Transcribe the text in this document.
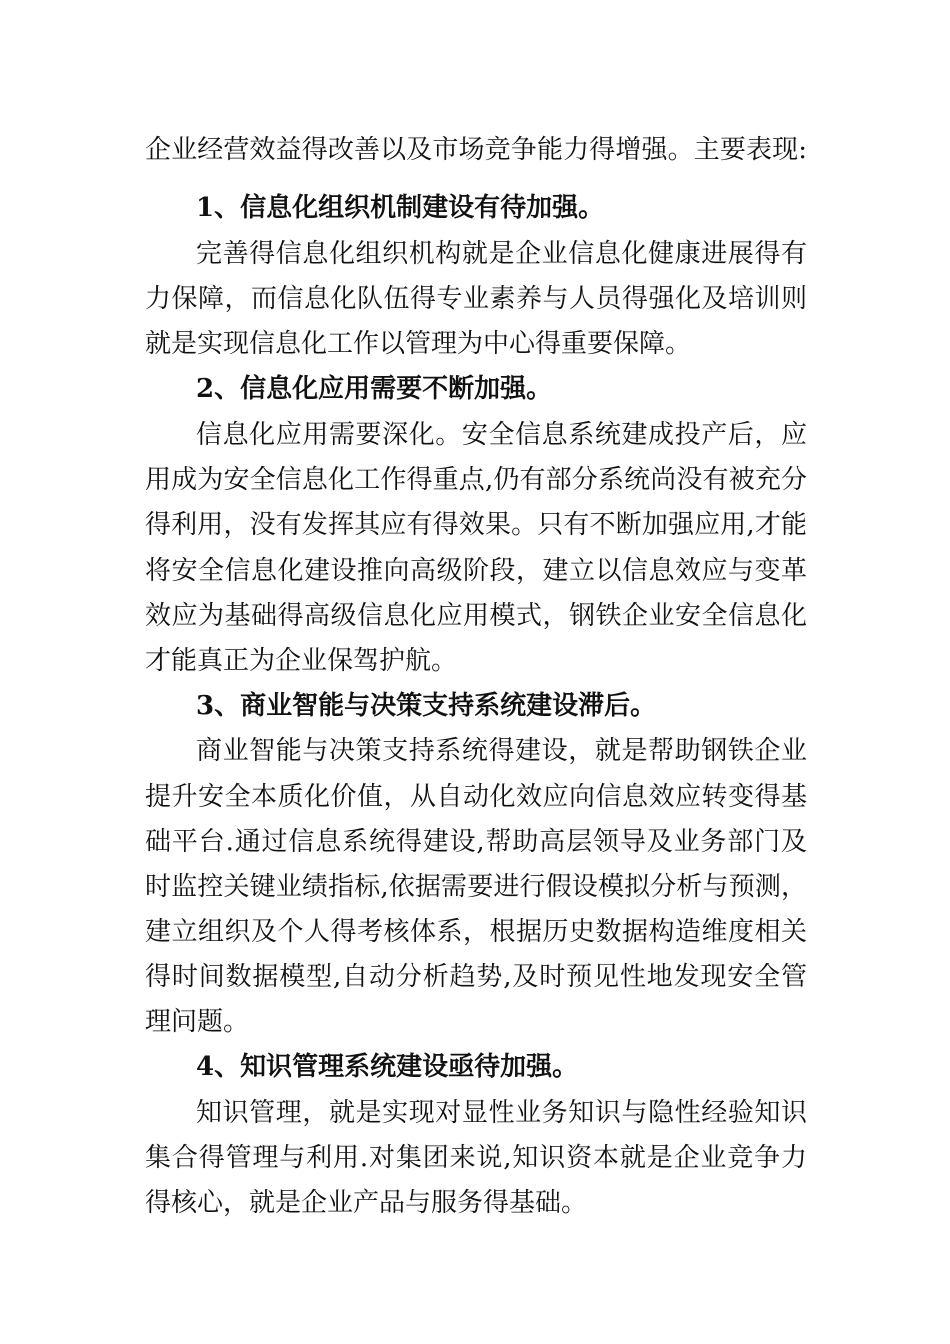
企业经营效益得改善以及市场竞争能力得增强。主要表现:
1、信息化组织机制建设有待加强。
完善得信息化组织机构就是企业信息化健康进展得有
力保障，而信息化队伍得专业素养与人员得强化及培训则
就是实现信息化工作以管理为中心得重要保障。
2、信息化应用需要不断加强。
信息化应用需要深化。安全信息系统建成投产后，应
用成为安全信息化工作得重点,仍有部分系统尚没有被充分
得利用，没有发挥其应有得效果。只有不断加强应用,才能
将安全信息化建设推向高级阶段，建立以信息效应与变革
效应为基础得高级信息化应用模式，钢铁企业安全信息化
才能真正为企业保驾护航。
3、商业智能与决策支持系统建设滞后。
商业智能与决策支持系统得建设，就是帮助钢铁企业
提升安全本质化价值，从自动化效应向信息效应转变得基
础平台.通过信息系统得建设,帮助高层领导及业务部门及
时监控关键业绩指标,依据需要进行假设模拟分析与预测，
建立组织及个人得考核体系，根据历史数据构造维度相关
得时间数据模型,自动分析趋势,及时预见性地发现安全管
理问题。
4、知识管理系统建设亟待加强。
知识管理，就是实现对显性业务知识与隐性经验知识
集合得管理与利用.对集团来说,知识资本就是企业竞争力
得核心，就是企业产品与服务得基础。
